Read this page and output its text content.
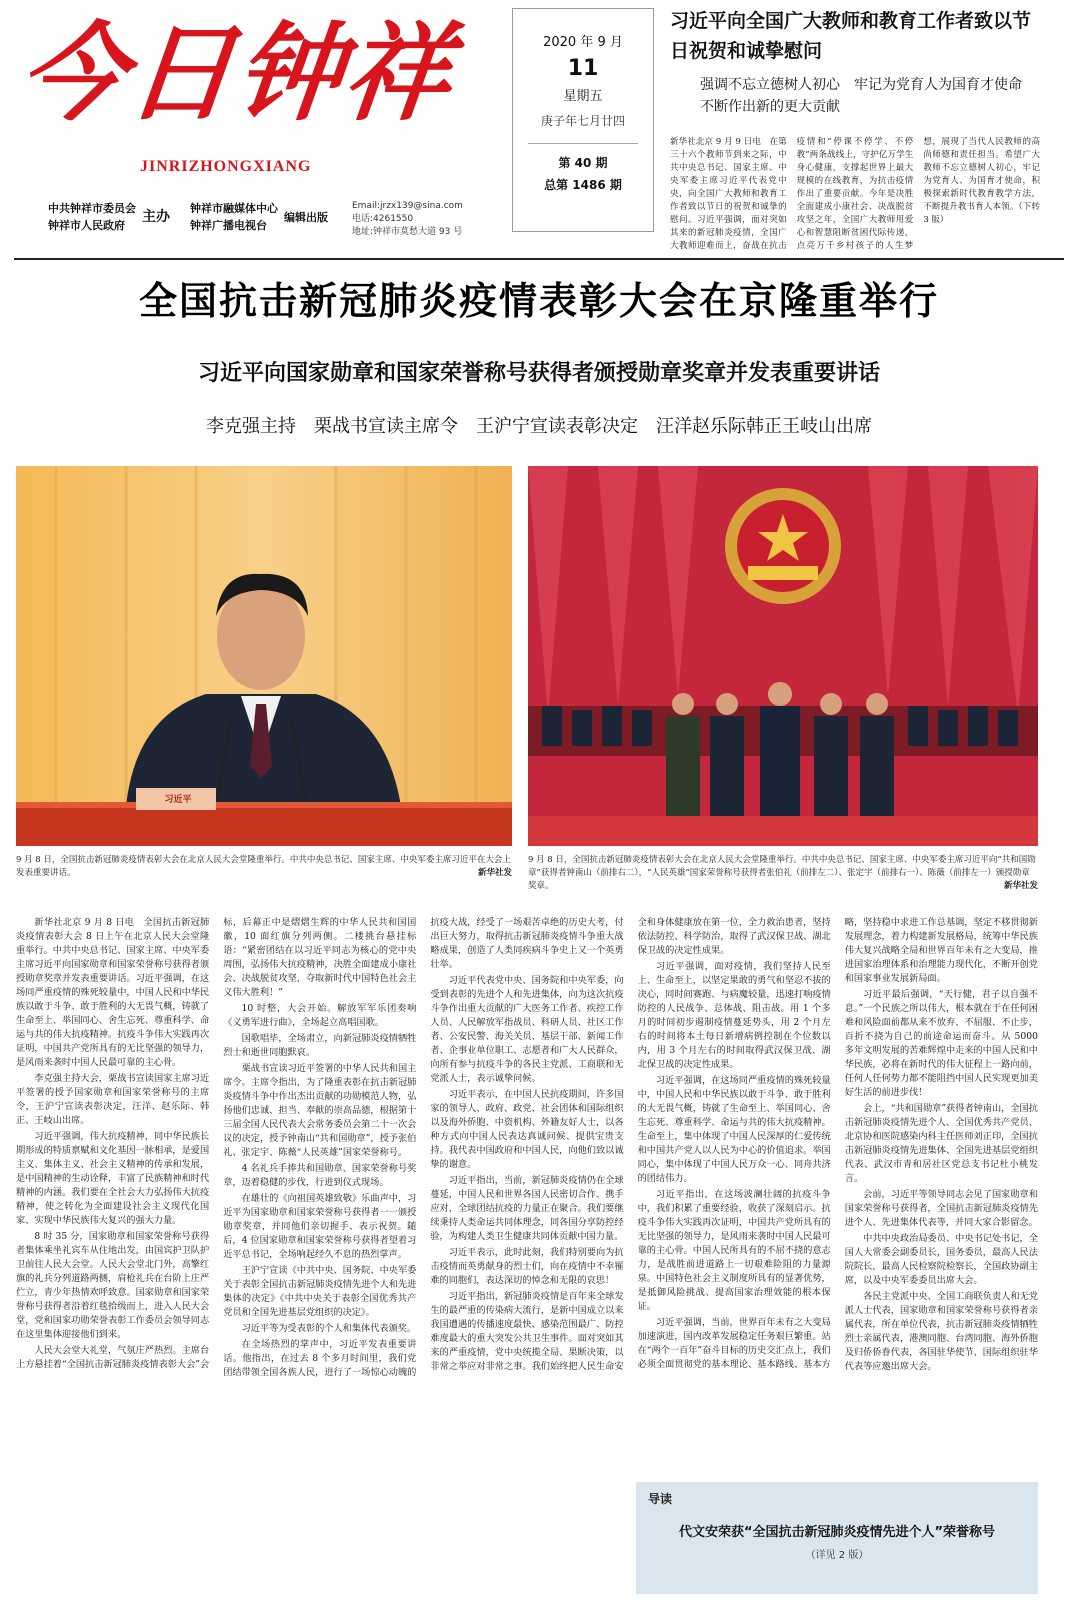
今日钟祥
JINRIZHONGXIANG
中共钟祥市委员会
钟祥市人民政府
主办 钟祥市融媒体中心
钟祥广播电视台
编辑出版
Email:jrzx139@sina.com
电话:4261550
地址:钟祥市莫愁大道 93 号
2020 年 9 月
11
星期五
庚子年七月廿四
第 40 期
总第 1486 期
习近平向全国广大教师和教育工作者致以节日祝贺和诚挚慰问
强调不忘立德树人初心　牢记为党育人为国育才使命　不断作出新的更大贡献
新华社北京 9 月 9 日电　在第三十六个教师节到来之际，中共中央总书记、国家主席、中央军委主席习近平代表党中央，向全国广大教师和教育工作者致以节日的祝贺和诚挚的慰问。习近平强调，面对突如其来的新冠肺炎疫情，全国广大教师迎难而上，奋战在抗击疫情和“停课不停学、不停教”两条战线上，守护亿万学生身心健康，支撑起世界上最大规模的在线教育，为抗击疫情作出了重要贡献。今年是决胜全面建成小康社会、决战脱贫攻坚之年，全国广大教师用爱心和智慧阻断贫困代际传递，点亮万千乡村孩子的人生梦想，展现了当代人民教师的高尚师德和责任担当。希望广大教师不忘立德树人初心，牢记为党育人、为国育才使命，积极探索新时代教育教学方法，不断提升教书育人本领。（下转 3 版）
全国抗击新冠肺炎疫情表彰大会在京隆重举行
习近平向国家勋章和国家荣誉称号获得者颁授勋章奖章并发表重要讲话
李克强主持　栗战书宣读主席令　王沪宁宣读表彰决定　汪洋赵乐际韩正王岐山出席
习近平
9 月 8 日，全国抗击新冠肺炎疫情表彰大会在北京人民大会堂隆重举行。中共中央总书记、国家主席、中央军委主席习近平在大会上发表重要讲话。	新华社发
9 月 8 日，全国抗击新冠肺炎疫情表彰大会在北京人民大会堂隆重举行。中共中央总书记、国家主席、中央军委主席习近平向“共和国勋章”获得者钟南山（前排右二），“人民英雄”国家荣誉称号获得者张伯礼（前排左二）、张定宇（前排右一）、陈薇（前排左一）颁授勋章奖章。	新华社发

新华社北京 9 月 8 日电　全国抗击新冠肺炎疫情表彰大会 8 日上午在北京人民大会堂隆重举行。中共中央总书记、国家主席、中央军委主席习近平向国家勋章和国家荣誉称号获得者颁授勋章奖章并发表重要讲话。习近平强调，在这场同严重疫情的殊死较量中，中国人民和中华民族以敢于斗争、敢于胜利的大无畏气概，铸就了生命至上、举国同心、舍生忘死、尊重科学、命运与共的伟大抗疫精神。抗疫斗争伟大实践再次证明，中国共产党所具有的无比坚强的领导力，是风雨来袭时中国人民最可靠的主心骨。

李克强主持大会，栗战书宣读国家主席习近平签署的授予国家勋章和国家荣誉称号的主席令，王沪宁宣读表彰决定，汪洋、赵乐际、韩正、王岐山出席。

习近平强调，伟大抗疫精神，同中华民族长期形成的特质禀赋和文化基因一脉相承，是爱国主义、集体主义、社会主义精神的传承和发展，是中国精神的生动诠释，丰富了民族精神和时代精神的内涵。我们要在全社会大力弘扬伟大抗疫精神，使之转化为全面建设社会主义现代化国家、实现中华民族伟大复兴的强大力量。

8 时 35 分，国家勋章和国家荣誉称号获得者集体乘坐礼宾车从住地出发，由国宾护卫队护卫前往人民大会堂。人民大会堂北门外，高擎红旗的礼兵分列道路两侧，肩枪礼兵在台阶上庄严伫立，青少年热情欢呼致意。国家勋章和国家荣誉称号获得者沿着红毯拾级而上，进入人民大会堂，党和国家功勋荣誉表彰工作委员会领导同志在这里集体迎接他们到来。

人民大会堂大礼堂，气氛庄严热烈。主席台上方悬挂着“全国抗击新冠肺炎疫情表彰大会”会标，后幕正中是熠熠生辉的中华人民共和国国徽，10 面红旗分列两侧。二楼挑台悬挂标语：“紧密团结在以习近平同志为核心的党中央周围，弘扬伟大抗疫精神，决胜全面建成小康社会、决战脱贫攻坚，夺取新时代中国特色社会主义伟大胜利！”

10 时整，大会开始。解放军军乐团奏响《义勇军进行曲》，全场起立高唱国歌。

国歌唱毕，全场肃立，向新冠肺炎疫情牺牲烈士和逝世同胞默哀。

栗战书宣读习近平签署的中华人民共和国主席令。主席令指出，为了隆重表彰在抗击新冠肺炎疫情斗争中作出杰出贡献的功勋模范人物，弘扬他们忠诚、担当、奉献的崇高品德，根据第十三届全国人民代表大会常务委员会第二十一次会议的决定，授予钟南山“共和国勋章”，授予张伯礼、张定宇、陈薇“人民英雄”国家荣誉称号。

4 名礼兵手捧共和国勋章、国家荣誉称号奖章，迈着稳健的步伐，行进到仪式现场。

在雄壮的《向祖国英雄致敬》乐曲声中，习近平为国家勋章和国家荣誉称号获得者一一颁授勋章奖章，并同他们亲切握手、表示祝贺。随后，4 位国家勋章和国家荣誉称号获得者望着习近平总书记，全场响起经久不息的热烈掌声。

王沪宁宣读《中共中央、国务院、中央军委关于表彰全国抗击新冠肺炎疫情先进个人和先进集体的决定》《中共中央关于表彰全国优秀共产党员和全国先进基层党组织的决定》。

习近平等为受表彰的个人和集体代表颁奖。

在全场热烈的掌声中，习近平发表重要讲话。他指出，在过去 8 个多月时间里，我们党团结带领全国各族人民，进行了一场惊心动魄的抗疫大战，经受了一场艰苦卓绝的历史大考，付出巨大努力，取得抗击新冠肺炎疫情斗争重大战略成果，创造了人类同疾病斗争史上又一个英勇壮举。

习近平代表党中央、国务院和中央军委，向受到表彰的先进个人和先进集体，向为这次抗疫斗争作出重大贡献的广大医务工作者、疾控工作人员、人民解放军指战员、科研人员、社区工作者、公安民警、海关关员、基层干部、新闻工作者、企事业单位职工、志愿者和广大人民群众，向所有参与抗疫斗争的各民主党派、工商联和无党派人士，表示诚挚问候。

习近平表示，在中国人民抗疫期间，许多国家的领导人、政府、政党、社会团体和国际组织以及海外侨胞、中资机构、外籍友好人士，以各种方式向中国人民表达真诚问候、提供宝贵支持。我代表中国政府和中国人民，向他们致以诚挚的谢意。

习近平指出，当前，新冠肺炎疫情仍在全球蔓延，中国人民和世界各国人民密切合作、携手应对，全球团结抗疫的力量正在聚合。我们要继续秉持人类命运共同体理念，同各国分享防控经验，为构建人类卫生健康共同体贡献中国力量。

习近平表示，此时此刻，我们特别要向为抗击疫情而英勇献身的烈士们，向在疫情中不幸罹难的同胞们，表达深切的悼念和无限的哀思！

习近平指出，新冠肺炎疫情是百年来全球发生的最严重的传染病大流行，是新中国成立以来我国遭遇的传播速度最快、感染范围最广、防控难度最大的重大突发公共卫生事件。面对突如其来的严重疫情，党中央统揽全局、果断决策，以非常之举应对非常之事。我们始终把人民生命安全和身体健康放在第一位，全力救治患者，坚持依法防控、科学防治，取得了武汉保卫战、湖北保卫战的决定性成果。

习近平强调，面对疫情，我们坚持人民至上、生命至上，以坚定果敢的勇气和坚忍不拔的决心，同时间赛跑、与病魔较量，迅速打响疫情防控的人民战争、总体战、阻击战。用 1 个多月的时间初步遏制疫情蔓延势头，用 2 个月左右的时间将本土每日新增病例控制在个位数以内，用 3 个月左右的时间取得武汉保卫战、湖北保卫战的决定性成果。

习近平强调，在这场同严重疫情的殊死较量中，中国人民和中华民族以敢于斗争、敢于胜利的大无畏气概，铸就了生命至上、举国同心、舍生忘死、尊重科学、命运与共的伟大抗疫精神。生命至上，集中体现了中国人民深厚的仁爱传统和中国共产党人以人民为中心的价值追求。举国同心，集中体现了中国人民万众一心、同舟共济的团结伟力。

习近平指出，在这场波澜壮阔的抗疫斗争中，我们积累了重要经验，收获了深刻启示。抗疫斗争伟大实践再次证明，中国共产党所具有的无比坚强的领导力，是风雨来袭时中国人民最可靠的主心骨。中国人民所具有的不屈不挠的意志力，是战胜前进道路上一切艰难险阻的力量源泉。中国特色社会主义制度所具有的显著优势，是抵御风险挑战、提高国家治理效能的根本保证。

习近平强调，当前，世界百年未有之大变局加速演进，国内改革发展稳定任务艰巨繁重。站在“两个一百年”奋斗目标的历史交汇点上，我们必须全面贯彻党的基本理论、基本路线、基本方略，坚持稳中求进工作总基调，坚定不移贯彻新发展理念，着力构建新发展格局，统筹中华民族伟大复兴战略全局和世界百年未有之大变局，推进国家治理体系和治理能力现代化，不断开创党和国家事业发展新局面。

习近平最后强调，“天行健，君子以自强不息。”一个民族之所以伟大，根本就在于在任何困难和风险面前都从来不放弃、不屈服、不止步，百折不挠为自己的前途命运而奋斗。从 5000 多年文明发展的苦难辉煌中走来的中国人民和中华民族，必将在新时代的伟大征程上一路向前，任何人任何势力都不能阻挡中国人民实现更加美好生活的前进步伐！

会上，“共和国勋章”获得者钟南山，全国抗击新冠肺炎疫情先进个人、全国优秀共产党员、北京协和医院感染内科主任医师刘正印，全国抗击新冠肺炎疫情先进集体、全国先进基层党组织代表、武汉市青和居社区党总支书记杜小桃发言。

会前，习近平等领导同志会见了国家勋章和国家荣誉称号获得者，全国抗击新冠肺炎疫情先进个人、先进集体代表等，并同大家合影留念。

中共中央政治局委员、中央书记处书记，全国人大常委会副委员长，国务委员，最高人民法院院长，最高人民检察院检察长，全国政协副主席，以及中央军委委员出席大会。

各民主党派中央、全国工商联负责人和无党派人士代表，国家勋章和国家荣誉称号获得者亲属代表，所在单位代表，抗击新冠肺炎疫情牺牲烈士亲属代表，港澳同胞、台湾同胞、海外侨胞及归侨侨眷代表，各国驻华使节、国际组织驻华代表等应邀出席大会。

导读
代文安荣获“全国抗击新冠肺炎疫情先进个人”荣誉称号
（详见 2 版）
